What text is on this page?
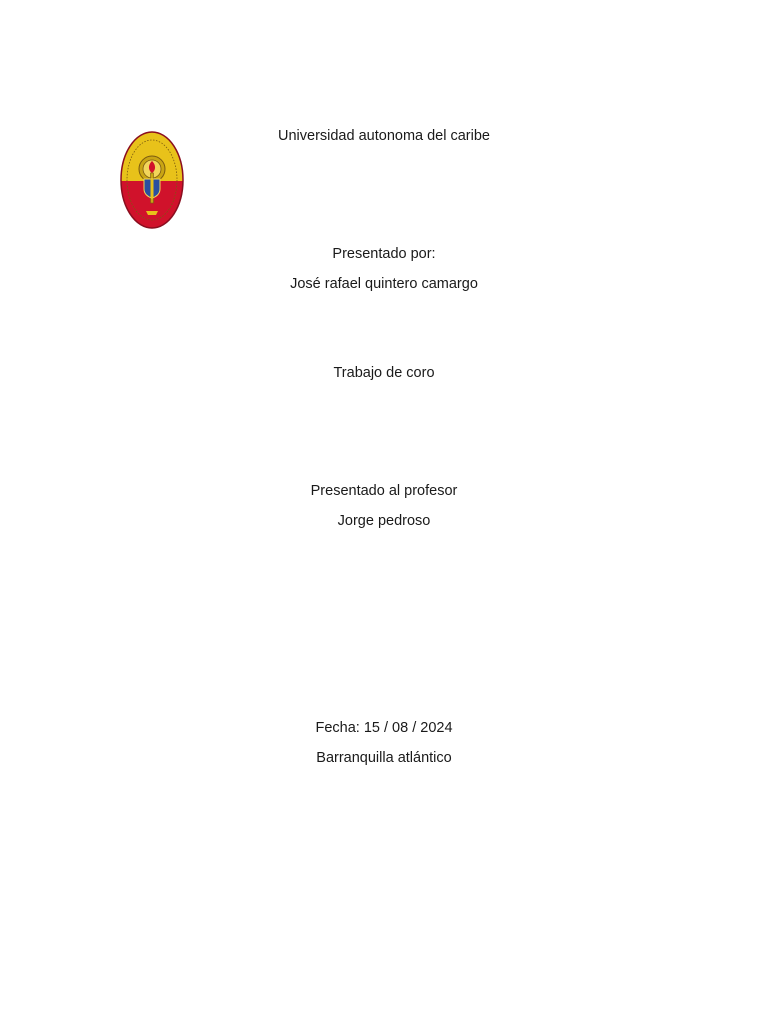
Universidad autonoma del caribe
Presentado por:
José rafael quintero camargo
Trabajo de coro
Presentado al profesor
Jorge pedroso
Fecha: 15 / 08 / 2024
Barranquilla atlántico
